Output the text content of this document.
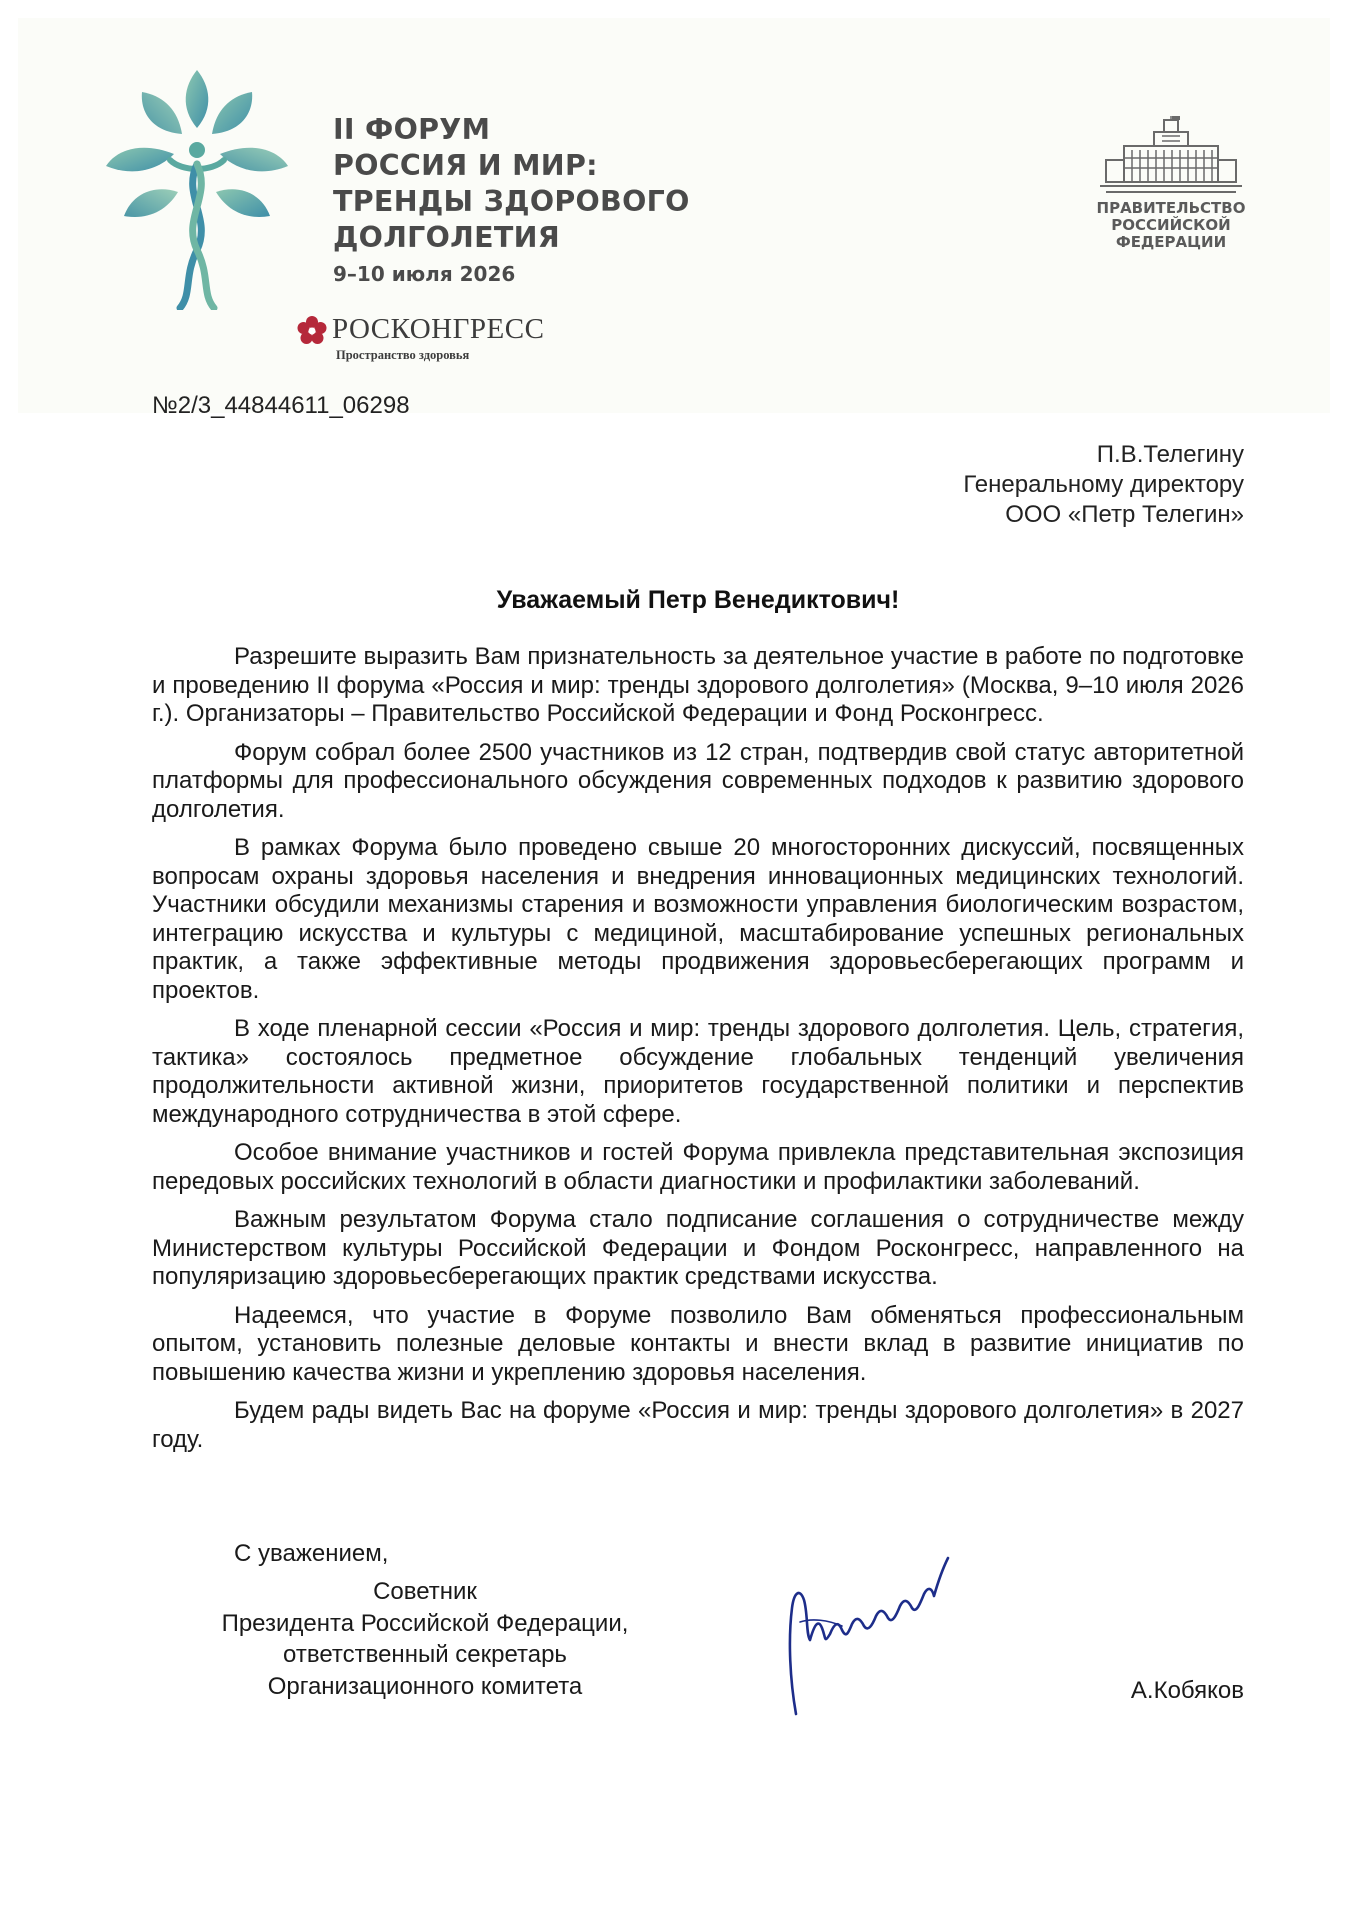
II ФОРУМ
РОССИЯ И МИР:
ТРЕНДЫ ЗДОРОВОГО
ДОЛГОЛЕТИЯ
9–10 июля 2026
РОСКОНГРЕСС
Пространство здоровья
ПРАВИТЕЛЬСТВО
РОССИЙСКОЙ
ФЕДЕРАЦИИ
№2/3_44844611_06298
П.В.Телегину
Генеральному директору
ООО «Петр Телегин»
Уважаемый Петр Венедиктович!

Разрешите выразить Вам признательность за деятельное участие в работе по подготовке и проведению II форума «Россия и мир: тренды здорового долголетия» (Москва, 9–10 июля 2026 г.). Организаторы – Правительство Российской Федерации и Фонд Росконгресс.

Форум собрал более 2500 участников из 12 стран, подтвердив свой статус авторитетной платформы для профессионального обсуждения современных подходов к развитию здорового долголетия.

В рамках Форума было проведено свыше 20 многосторонних дискуссий, посвященных вопросам охраны здоровья населения и внедрения инновационных медицинских технологий. Участники обсудили механизмы старения и возможности управления биологическим возрастом, интеграцию искусства и культуры с медициной, масштабирование успешных региональных практик, а также эффективные методы продвижения здоровьесберегающих программ и проектов.

В ходе пленарной сессии «Россия и мир: тренды здорового долголетия. Цель, стратегия, тактика» состоялось предметное обсуждение глобальных тенденций увеличения продолжительности активной жизни, приоритетов государственной политики и перспектив международного сотрудничества в этой сфере.

Особое внимание участников и гостей Форума привлекла представительная экспозиция передовых российских технологий в области диагностики и профилактики заболеваний.

Важным результатом Форума стало подписание соглашения о сотрудничестве между Министерством культуры Российской Федерации и Фондом Росконгресс, направленного на популяризацию здоровьесберегающих практик средствами искусства.

Надеемся, что участие в Форуме позволило Вам обменяться профессиональным опытом, установить полезные деловые контакты и внести вклад в развитие инициатив по повышению качества жизни и укреплению здоровья населения.

Будем рады видеть Вас на форуме «Россия и мир: тренды здорового долголетия» в 2027 году.

С уважением,
Советник
Президента Российской Федерации,
ответственный секретарь
Организационного комитета	А.Кобяков
